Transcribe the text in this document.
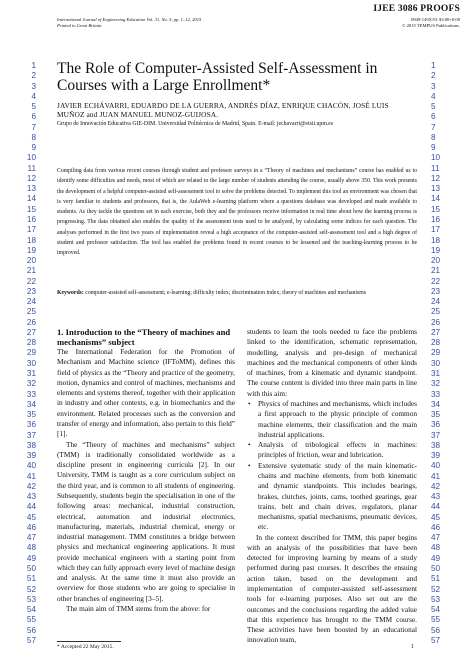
IJEE 3086 PROOFS
International Journal of Engineering Education Vol. 31, No. 5, pp. 1–12, 2015
Printed in Great Britain
0949-149X/91 $3.00+0.00
© 2015 TEMPUS Publications.
1
2
3
4
5
6
7
8
9
10
11
12
13
14
15
16
17
18
19
20
21
22
23
24
25
26
27
28
29
30
31
32
33
34
35
36
37
38
39
40
41
42
43
44
45
46
47
48
49
50
51
52
53
54
55
56
57
1
2
3
4
5
6
7
8
9
10
11
12
13
14
15
16
17
18
19
20
21
22
23
24
25
26
27
28
29
30
31
32
33
34
35
36
37
38
39
40
41
42
43
44
45
46
47
48
49
50
51
52
53
54
55
56
57
The Role of Computer-Assisted Self-Assessment in Courses with a Large Enrollment*
JAVIER ECHÁVARRI, EDUARDO DE LA GUERRA, ANDRÉS DÍAZ, ENRIQUE CHACÓN, JOSÉ LUIS MUÑOZ and JUAN MANUEL MUNOZ-GUIJOSA.
Grupo de Innovación Educativa GIE-DIM. Universidad Politécnica de Madrid, Spain. E-mail: jechavarri@etsii.upm.es
Compiling data from various recent courses through student and professor surveys in a “Theory of machines and mechanisms” course has enabled us to identify some difficulties and needs, most of which are related to the large number of students attending the course, usually above 350. This work presents the development of a helpful computer-assisted self-assessment tool to solve the problems detected. To implement this tool an environment was chosen that is very familiar to students and professors, that is, the AulaWeb e-learning platform where a questions database was developed and made available to students. As they tackle the questions set in each exercise, both they and the professors receive information in real time about how the learning process is progressing. The data obtained also enables the quality of the assessment tests used to be analyzed, by calculating some indices for each question. The analyses performed in the first two years of implementation reveal a high acceptance of the computer-assisted self-assessment tool and a high degree of student and professor satisfaction. The tool has enabled the problems found in recent courses to be lessened and the teaching-learning process to be improved.
Keywords: computer-assisted self-assessment; e-learning; difficulty index; discrimination index; theory of machines and mechanisms
1. Introduction to the “Theory of machines and mechanisms” subject

The International Federation for the Promotion of Mechanism and Machine science (IFToMM), defines this field of physics as the “Theory and practice of the geometry, motion, dynamics and control of machines, mechanisms and elements and systems thereof, together with their application in industry and other contexts, e.g. in biomechanics and the environment. Related processes such as the conversion and transfer of energy and information, also pertain to this field” [1].

The “Theory of machines and mechanisms” subject (TMM) is traditionally consolidated worldwide as a discipline present in engineering curricula [2]. In our University, TMM is taught as a core curriculum subject on the third year, and is common to all students of engineering. Subsequently, students begin the specialisation in one of the following areas: mechanical, industrial construction, electrical, automation and industrial electronics, manufacturing, materials, industrial chemical, energy or industrial management. TMM constitutes a bridge between physics and mechanical engineering applications. It must provide mechanical engineers with a starting point from which they can fully approach every level of machine design and analysis. At the same time it must also provide an overview for those students who are going to specialise in other branches of engineering [3–5].

The main aim of TMM stems from the above: for

students to learn the tools needed to face the problems linked to the identification, schematic representation, modelling, analysis and pre-design of mechanical machines and the mechanical components of other kinds of machines, from a kinematic and dynamic standpoint. The course content is divided into three main parts in line with this aim:

• Physics of machines and mechanisms, which includes a first approach to the physic principle of common machine elements, their classification and the main industrial applications.
• Analysis of tribological effects in machines: principles of friction, wear and lubrication.
• Extensive systematic study of the main kinematic-chains and machine elements, from both kinematic and dynamic standpoints. This includes bearings, brakes, clutches, joints, cams, toothed gearings, gear trains, belt and chain drives, regulators, planar mechanisms, spatial mechanisms, pneumatic devices, etc.

In the context described for TMM, this paper begins with an analysis of the possibilities that have been detected for improving learning by means of a study performed during past courses. It describes the ensuing action taken, based on the development and implementation of computer-assisted self-assessment tools for e-learning purposes. Also set out are the outcomes and the conclusions regarding the added value that this experience has brought to the TMM course. These activities have been boosted by an educational innovation team,

* Accepted 22 May 2015.	1
